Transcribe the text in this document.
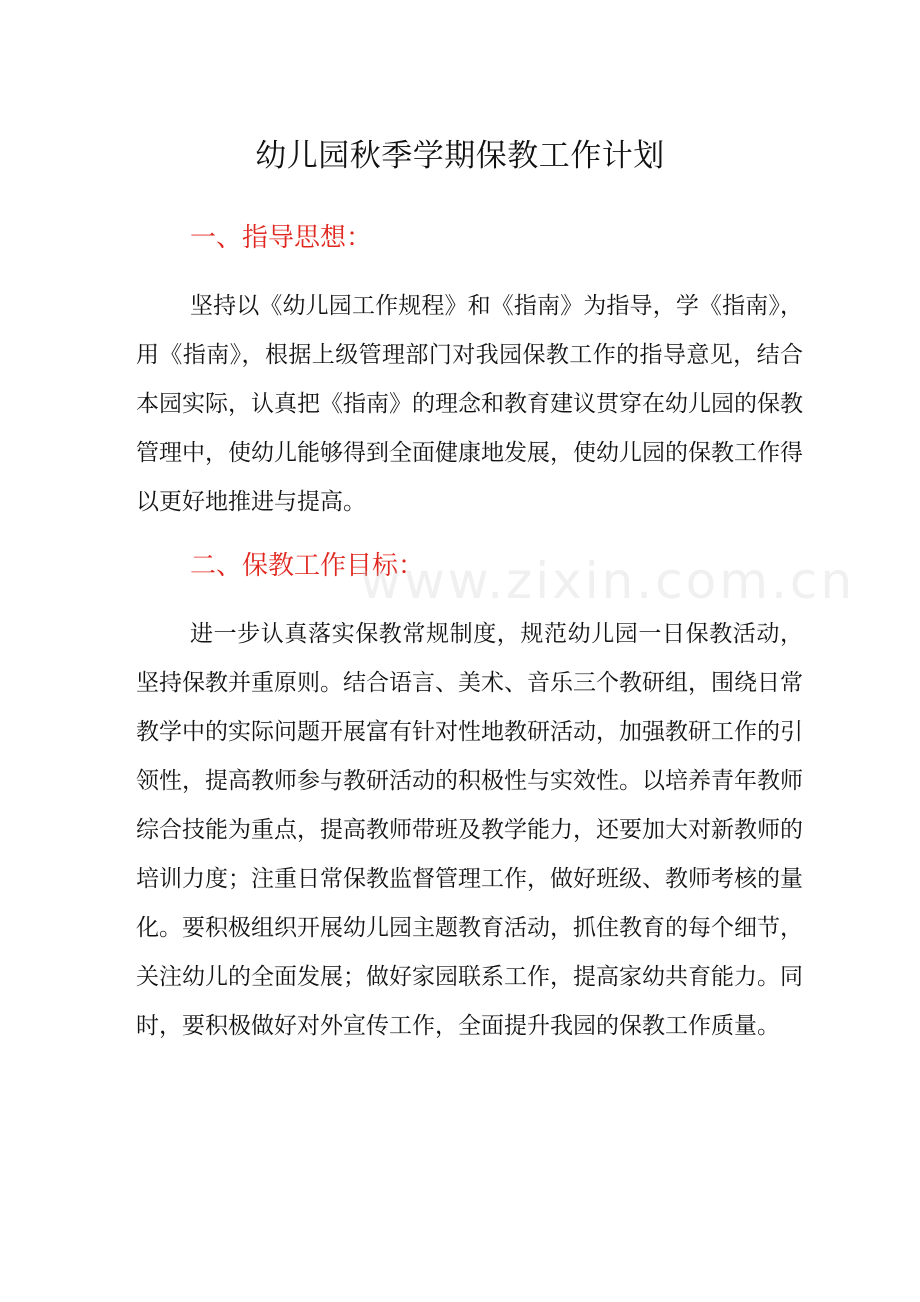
幼儿园秋季学期保教工作计划
一、指导思想：
坚持以《幼儿园工作规程》和《指南》为指导，学《指南》，用《指南》，根据上级管理部门对我园保教工作的指导意见，结合本园实际，认真把《指南》的理念和教育建议贯穿在幼儿园的保教管理中，使幼儿能够得到全面健康地发展，使幼儿园的保教工作得以更好地推进与提高。
二、保教工作目标：
www.zixin.com.cn
进一步认真落实保教常规制度，规范幼儿园一日保教活动，坚持保教并重原则。结合语言、美术、音乐三个教研组，围绕日常教学中的实际问题开展富有针对性地教研活动，加强教研工作的引领性，提高教师参与教研活动的积极性与实效性。以培养青年教师综合技能为重点，提高教师带班及教学能力，还要加大对新教师的培训力度；注重日常保教监督管理工作，做好班级、教师考核的量化。要积极组织开展幼儿园主题教育活动，抓住教育的每个细节，关注幼儿的全面发展；做好家园联系工作，提高家幼共育能力。同时，要积极做好对外宣传工作，全面提升我园的保教工作质量。
